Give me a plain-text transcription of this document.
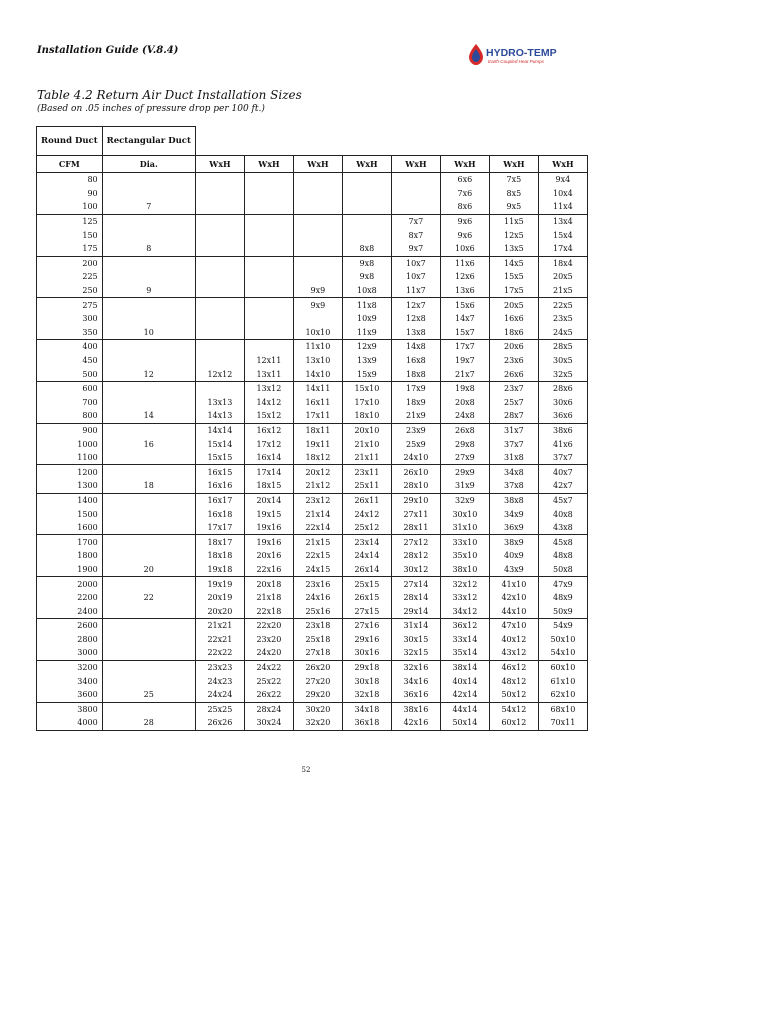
Installation Guide (V.8.4)	HYDRO-TEMP
Earth Coupled Heat Pumps
Table 4.2 Return Air Duct Installation Sizes
(Based on .05 inches of pressure drop per 100 ft.)
Round Duct	Rectangular Duct								
CFM	Dia.	WxH	WxH	WxH	WxH	WxH	WxH	WxH	WxH
80							6x6	7x5	9x4
90							7x6	8x5	10x4
100	7						8x6	9x5	11x4
125						7x7	9x6	11x5	13x4
150						8x7	9x6	12x5	15x4
175	8				8x8	9x7	10x6	13x5	17x4
200					9x8	10x7	11x6	14x5	18x4
225					9x8	10x7	12x6	15x5	20x5
250	9			9x9	10x8	11x7	13x6	17x5	21x5
275				9x9	11x8	12x7	15x6	20x5	22x5
300					10x9	12x8	14x7	16x6	23x5
350	10			10x10	11x9	13x8	15x7	18x6	24x5
400				11x10	12x9	14x8	17x7	20x6	28x5
450			12x11	13x10	13x9	16x8	19x7	23x6	30x5
500	12	12x12	13x11	14x10	15x9	18x8	21x7	26x6	32x5
600			13x12	14x11	15x10	17x9	19x8	23x7	28x6
700		13x13	14x12	16x11	17x10	18x9	20x8	25x7	30x6
800	14	14x13	15x12	17x11	18x10	21x9	24x8	28x7	36x6
900		14x14	16x12	18x11	20x10	23x9	26x8	31x7	38x6
1000	16	15x14	17x12	19x11	21x10	25x9	29x8	37x7	41x6
1100		15x15	16x14	18x12	21x11	24x10	27x9	31x8	37x7
1200		16x15	17x14	20x12	23x11	26x10	29x9	34x8	40x7
1300	18	16x16	18x15	21x12	25x11	28x10	31x9	37x8	42x7
1400		16x17	20x14	23x12	26x11	29x10	32x9	38x8	45x7
1500		16x18	19x15	21x14	24x12	27x11	30x10	34x9	40x8
1600		17x17	19x16	22x14	25x12	28x11	31x10	36x9	43x8
1700		18x17	19x16	21x15	23x14	27x12	33x10	38x9	45x8
1800		18x18	20x16	22x15	24x14	28x12	35x10	40x9	48x8
1900	20	19x18	22x16	24x15	26x14	30x12	38x10	43x9	50x8
2000		19x19	20x18	23x16	25x15	27x14	32x12	41x10	47x9
2200	22	20x19	21x18	24x16	26x15	28x14	33x12	42x10	48x9
2400		20x20	22x18	25x16	27x15	29x14	34x12	44x10	50x9
2600		21x21	22x20	23x18	27x16	31x14	36x12	47x10	54x9
2800		22x21	23x20	25x18	29x16	30x15	33x14	40x12	50x10
3000		22x22	24x20	27x18	30x16	32x15	35x14	43x12	54x10
3200		23x23	24x22	26x20	29x18	32x16	38x14	46x12	60x10
3400		24x23	25x22	27x20	30x18	34x16	40x14	48x12	61x10
3600	25	24x24	26x22	29x20	32x18	36x16	42x14	50x12	62x10
3800		25x25	28x24	30x20	34x18	38x16	44x14	54x12	68x10
4000	28	26x26	30x24	32x20	36x18	42x16	50x14	60x12	70x11
52
